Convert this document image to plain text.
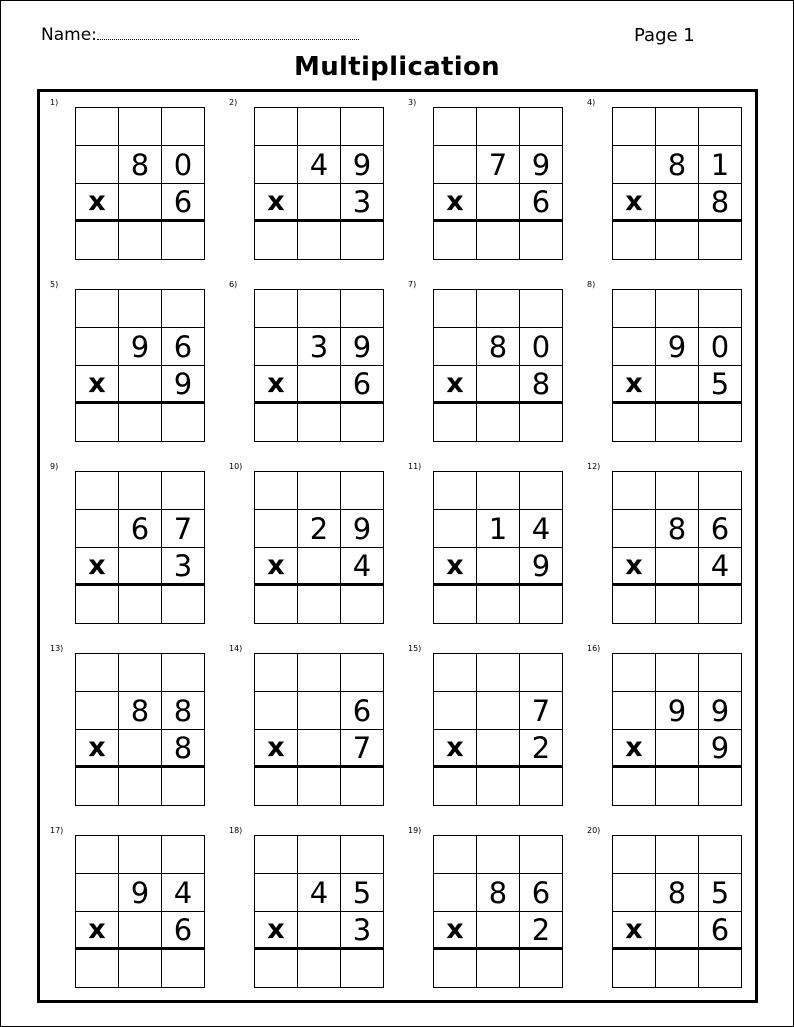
Name:	Page 1
Multiplication
1)
8 0
x	6
2)
4 9
x	3
3)
7 9
x	6
4)
8 1
x	8
5)
9 6
x	9
6)
3 9
x	6
7)
8 0
x	8
8)
9 0
x	5
9)
6 7
x	3
10)
2 9
x	4
11)
1 4
x	9
12)
8 6
x	4
13)
8 8
x	8
14)
6
x	7
15)
7
x	2
16)
9 9
x	9
17)
9 4
x	6
18)
4 5
x	3
19)
8 6
x	2
20)
8 5
x	6
